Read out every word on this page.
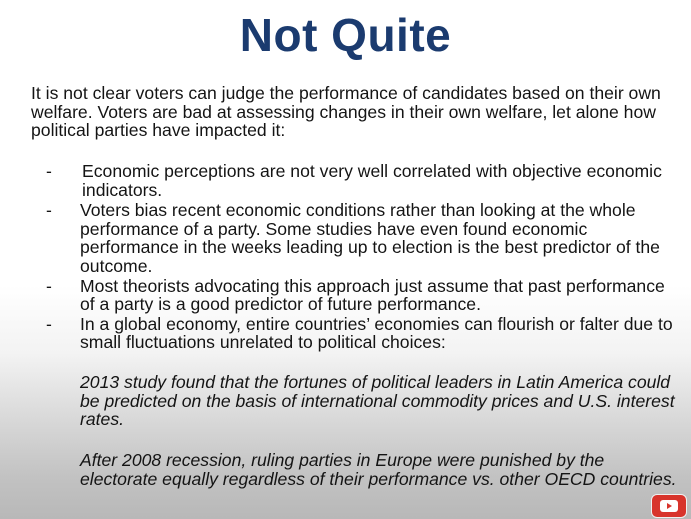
Not Quite

It is not clear voters can judge the performance of candidates based on their own welfare. Voters are bad at assessing changes in their own welfare, let alone how political parties have impacted it:

- Economic perceptions are not very well correlated with objective economic indicators.
- Voters bias recent economic conditions rather than looking at the whole performance of a party. Some studies have even found economic performance in the weeks leading up to election is the best predictor of the outcome.
- Most theorists advocating this approach just assume that past performance of a party is a good predictor of future performance.
- In a global economy, entire countries’ economies can flourish or falter due to small fluctuations unrelated to political choices:

2013 study found that the fortunes of political leaders in Latin America could be predicted on the basis of international commodity prices and U.S. interest rates.

After 2008 recession, ruling parties in Europe were punished by the electorate equally regardless of their performance vs. other OECD countries.
